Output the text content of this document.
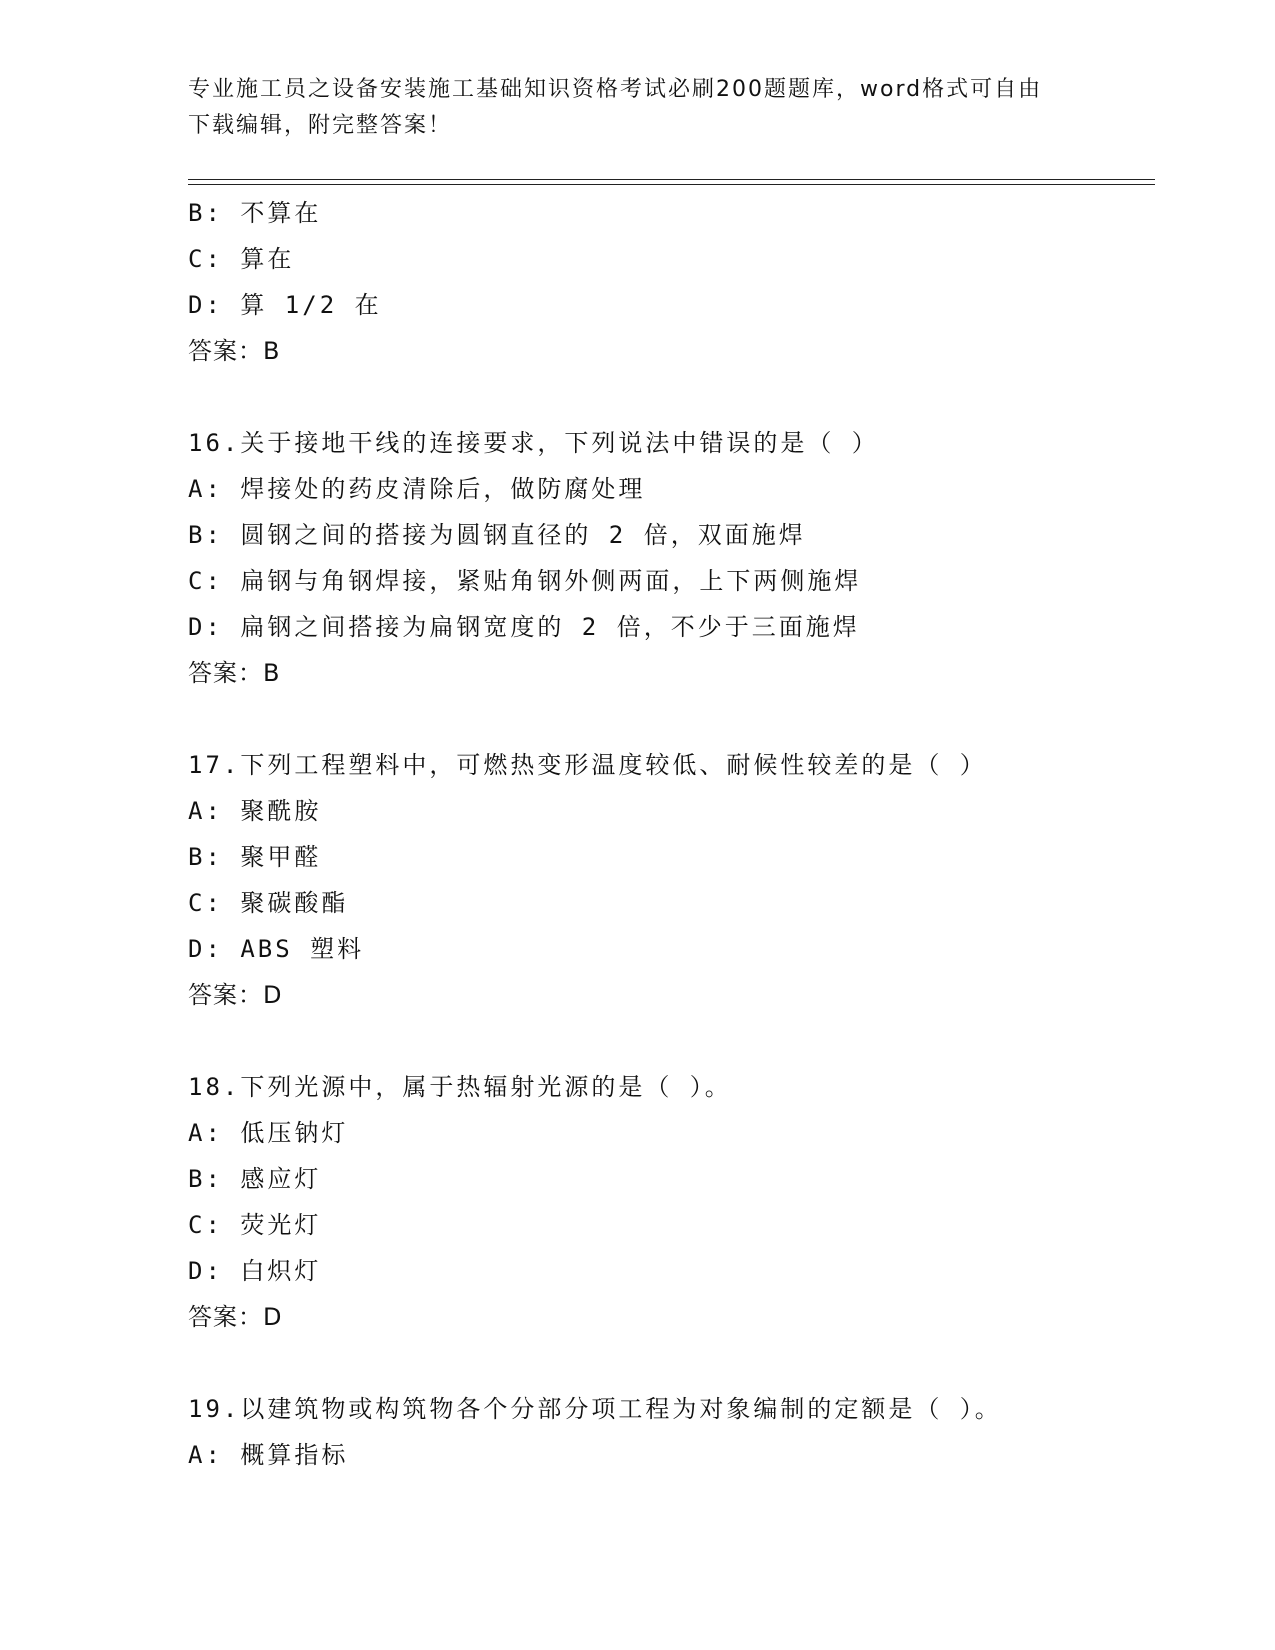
专业施工员之设备安装施工基础知识资格考试必刷200题题库，word格式可自由
下载编辑，附完整答案！
B: 不算在
C: 算在
D: 算 1/2 在
答案：B
16.关于接地干线的连接要求，下列说法中错误的是（ ）
A: 焊接处的药皮清除后，做防腐处理
B: 圆钢之间的搭接为圆钢直径的 2 倍，双面施焊
C: 扁钢与角钢焊接，紧贴角钢外侧两面，上下两侧施焊
D: 扁钢之间搭接为扁钢宽度的 2 倍，不少于三面施焊
答案：B
17.下列工程塑料中，可燃热变形温度较低、耐候性较差的是（ ）
A: 聚酰胺
B: 聚甲醛
C: 聚碳酸酯
D: ABS 塑料
答案：D
18.下列光源中，属于热辐射光源的是（ ）。
A: 低压钠灯
B: 感应灯
C: 荧光灯
D: 白炽灯
答案：D
19.以建筑物或构筑物各个分部分项工程为对象编制的定额是（ ）。
A: 概算指标
